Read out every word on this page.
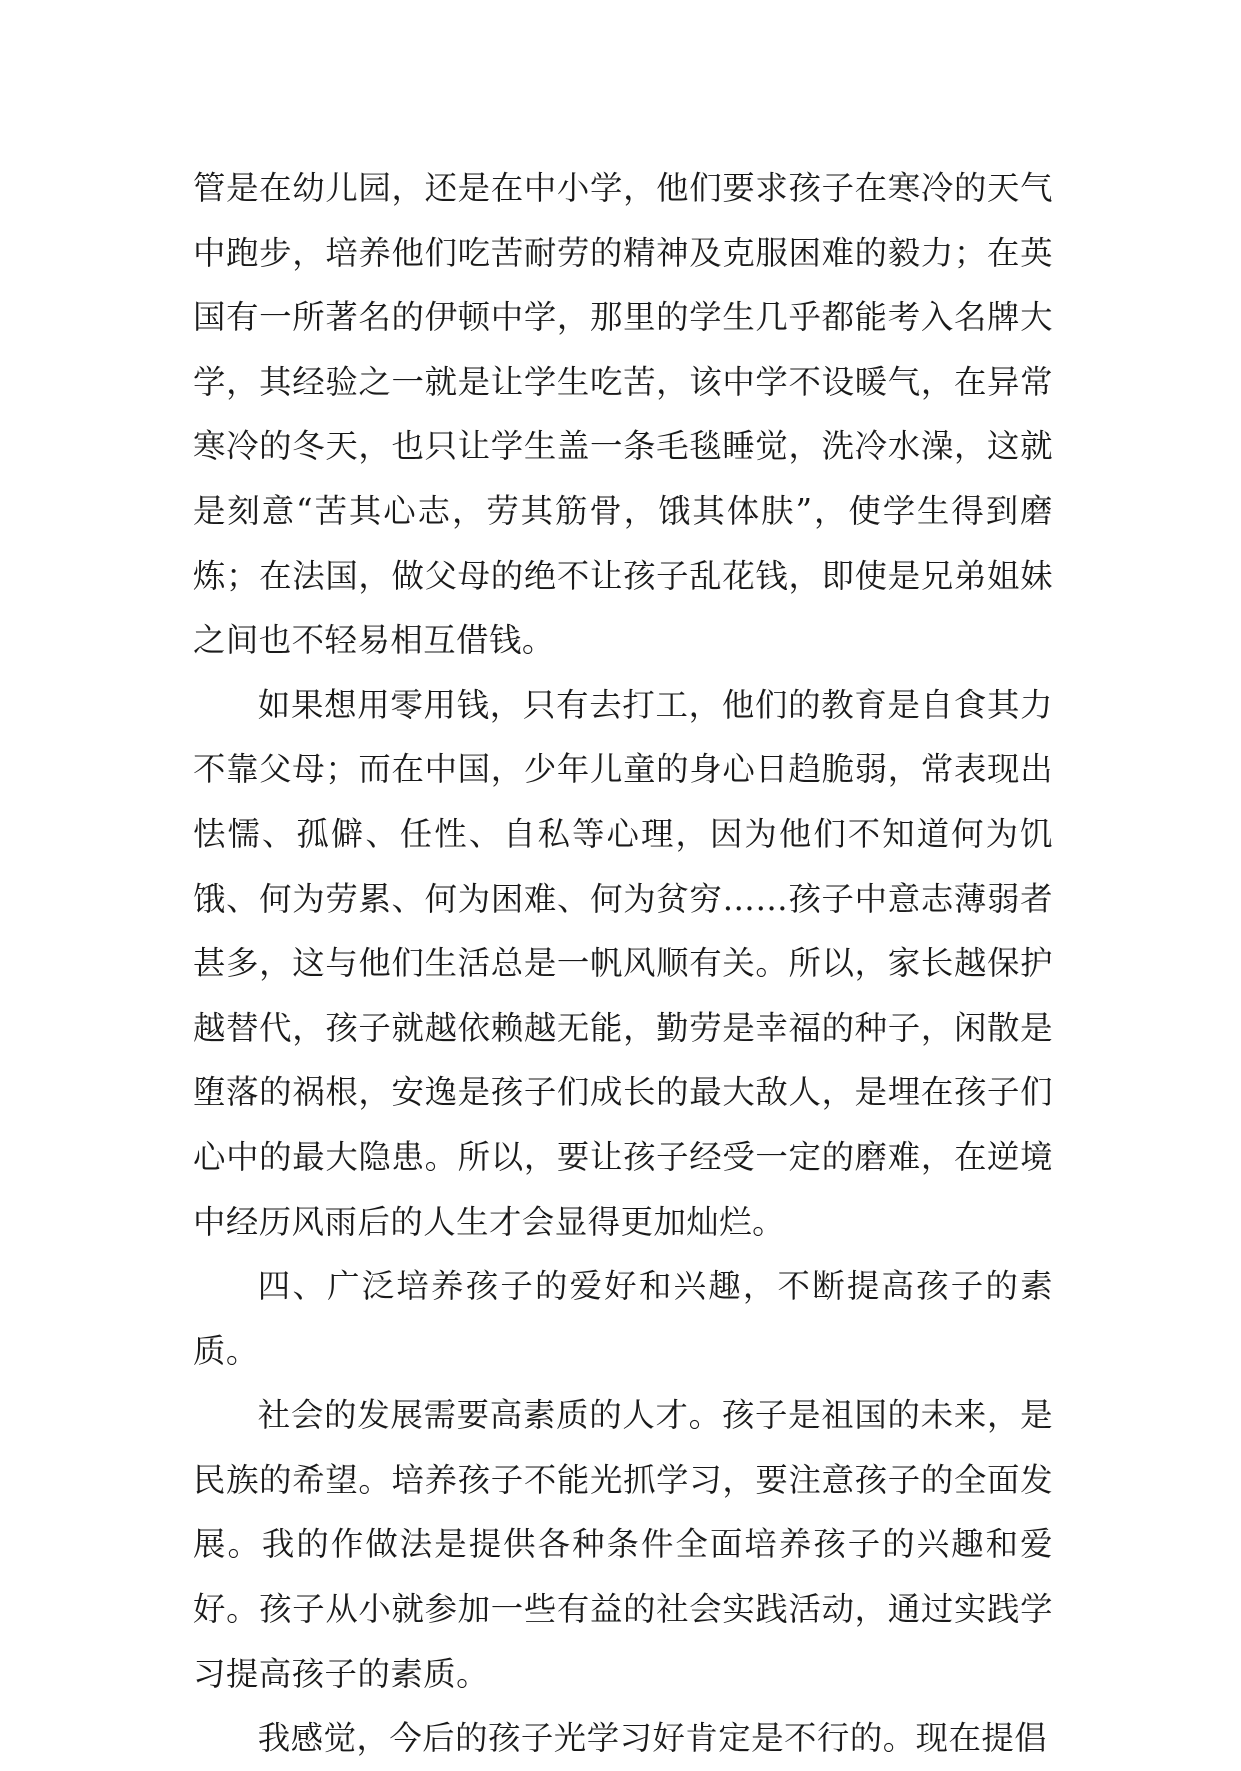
管是在幼儿园，还是在中小学，他们要求孩子在寒冷的天气中跑步，培养他们吃苦耐劳的精神及克服困难的毅力；在英国有一所著名的伊顿中学，那里的学生几乎都能考入名牌大学，其经验之一就是让学生吃苦，该中学不设暖气，在异常寒冷的冬天，也只让学生盖一条毛毯睡觉，洗冷水澡，这就是刻意“苦其心志，劳其筋骨，饿其体肤”，使学生得到磨炼；在法国，做父母的绝不让孩子乱花钱，即使是兄弟姐妹之间也不轻易相互借钱。

如果想用零用钱，只有去打工，他们的教育是自食其力不靠父母；而在中国，少年儿童的身心日趋脆弱，常表现出怯懦、孤僻、任性、自私等心理，因为他们不知道何为饥饿、何为劳累、何为困难、何为贫穷……孩子中意志薄弱者甚多，这与他们生活总是一帆风顺有关。所以，家长越保护越替代，孩子就越依赖越无能，勤劳是幸福的种子，闲散是堕落的祸根，安逸是孩子们成长的最大敌人，是埋在孩子们心中的最大隐患。所以，要让孩子经受一定的磨难，在逆境中经历风雨后的人生才会显得更加灿烂。

四、广泛培养孩子的爱好和兴趣，不断提高孩子的素质。

社会的发展需要高素质的人才。孩子是祖国的未来，是民族的希望。培养孩子不能光抓学习，要注意孩子的全面发展。我的作做法是提供各种条件全面培养孩子的兴趣和爱好。孩子从小就参加一些有益的社会实践活动，通过实践学习提高孩子的素质。

我感觉，今后的孩子光学习好肯定是不行的。现在提倡
